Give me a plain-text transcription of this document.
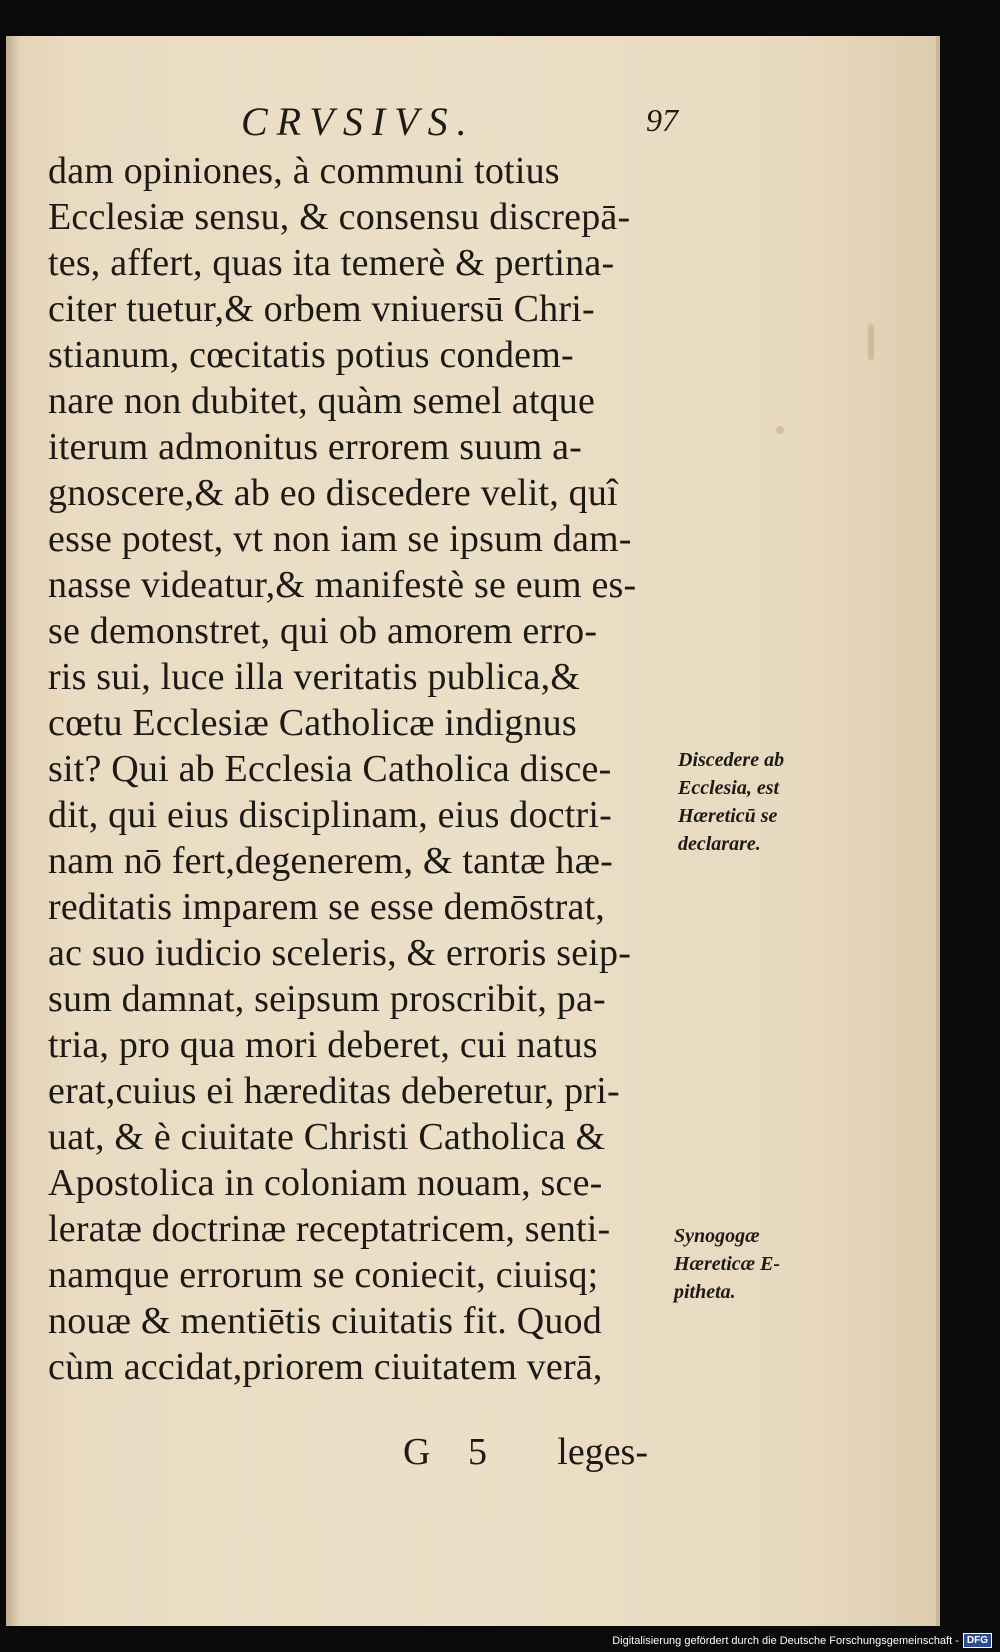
CRVSIVS.	97
dam opiniones, à communi totius
Ecclesiæ sensu, & consensu discrepā-
tes, affert, quas ita temerè & pertina-
citer tuetur,& orbem vniuersū Chri-
stianum, cœcitatis potius condem-
nare non dubitet, quàm semel atque
iterum admonitus errorem suum a-
gnoscere,& ab eo discedere velit, quî
esse potest, vt non iam se ipsum dam-
nasse videatur,& manifestè se eum es-
se demonstret, qui ob amorem erro-
ris sui, luce illa veritatis publica,&
cœtu Ecclesiæ Catholicæ indignus
sit? Qui ab Ecclesia Catholica disce-
dit, qui eius disciplinam, eius doctri-
nam nō fert,degenerem, & tantæ hæ-
reditatis imparem se esse demōstrat,
ac suo iudicio sceleris, & erroris seip-
sum damnat, seipsum proscribit, pa-
tria, pro qua mori deberet, cui natus
erat,cuius ei hæreditas deberetur, pri-
uat, & è ciuitate Christi Catholica &
Apostolica in coloniam nouam, sce-
leratæ doctrinæ receptatricem, senti-
namque errorum se coniecit, ciuisq;
nouæ & mentiētis ciuitatis fit. Quod
cùm accidat,priorem ciuitatem verā,
G 5 leges-
Discedere ab
Ecclesia, est
Hæreticū se
declarare.
Synogogæ
Hæreticæ E-
pitheta.
Digitalisierung gefördert durch die Deutsche Forschungsgemeinschaft - DFG
